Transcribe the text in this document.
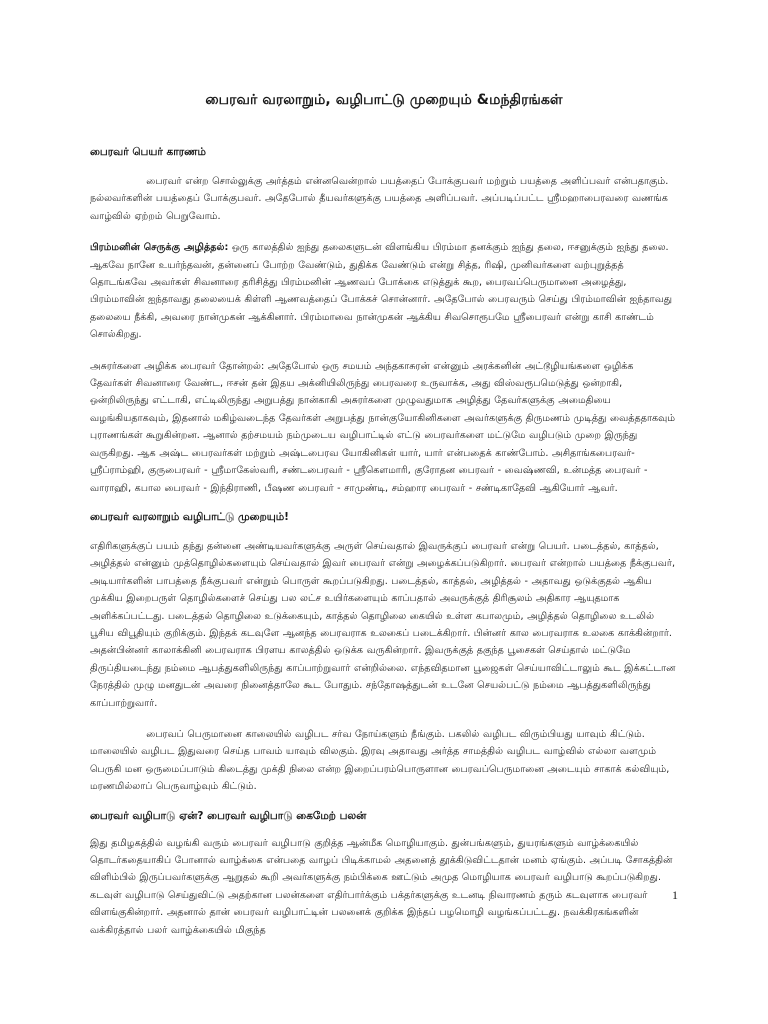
பைரவர் வரலாறும், வழிபாட்டு முறையும் &மந்திரங்கள்
பைரவர் பெயர் காரணம்

பைரவர் என்ற சொல்லுக்கு அர்த்தம் என்னவென்றால் பயத்தைப் போக்குபவர் மற்றும் பயத்தை அளிப்பவர் என்பதாகும். நல்லவர்களின் பயத்தைப் போக்குபவர். அதேபோல் தீயவர்களுக்கு பயத்தை அளிப்பவர். அப்படிப்பட்ட ஸ்ரீமஹாபைரவரை வணங்க வாழ்வில் ஏற்றம் பெறுவோம்.

பிரம்மனின் செருக்கு அழித்தல்: ஒரு காலத்தில் ஐந்து தலைகளுடன் விளங்கிய பிரம்மா தனக்கும் ஐந்து தலை, ஈசனுக்கும் ஐந்து தலை. ஆகவே நானே உயர்ந்தவன், தன்னைப் போற்ற வேண்டும், துதிக்க வேண்டும் என்று சித்த, ரிஷி, முனிவர்களை வற்புறுத்தத் தொடங்கவே அவர்கள் சிவனாரை தரிசித்து பிரம்மனின் ஆணவப் போக்கை எடுத்துக் கூற, பைரவப்பெருமானை அழைத்து, பிரம்மாவின் ஐந்தாவது தலையைக் கிள்ளி ஆணவத்தைப் போக்கச் சொன்னார். அதேபோல் பைரவரும் செய்து பிரம்மாவின் ஐந்தாவது தலையை நீக்கி, அவரை நான்முகன் ஆக்கினார். பிரம்மாவை நான்முகன் ஆக்கிய சிவசொரூபமே ஸ்ரீபைரவர் என்று காசி காண்டம் சொல்கிறது.

அசுரர்களை அழிக்க பைரவர் தோன்றல்: அதேபோல் ஒரு சமயம் அந்தகாசுரன் என்னும் அரக்கனின் அட்டூழியங்களை ஒழிக்க தேவர்கள் சிவனாரை வேண்ட, ஈசன் தன் இதய அக்னியிலிருந்து பைரவரை உருவாக்க, அது விஸ்வரூபமெடுத்து ஒன்றாகி, ஒன்றிலிருந்து எட்டாகி, எட்டிலிருந்து அறுபத்து நான்காகி அசுரர்களை முழுவதுமாக அழித்து தேவர்களுக்கு அமைதியை வழங்கியதாகவும், இதனால் மகிழ்வடைந்த தேவர்கள் அறுபத்து நான்குயோகினிகளை அவர்களுக்கு திருமணம் முடித்து வைத்ததாகவும் புராணங்கள் கூறுகின்றன. ஆனால் தற்சமயம் நம்முடைய வழிபாட்டில் எட்டு பைரவர்களை மட்டுமே வழிபடும் முறை இருந்து வருகிறது. ஆக அஷ்ட பைரவர்கள் மற்றும் அஷ்டபைரவ யோகினிகள் யார், யார் என்பதைக் காண்போம். அசிதாங்கபைரவர்-ஸ்ரீப்ராம்ஹி, குருபைரவர் - ஸ்ரீமாகேஸ்வரி, சண்டபைரவர் - ஸ்ரீகௌமாரி, குரோதன பைரவர் - வைஷ்ணவி, உன்மத்த பைரவர் - வாராஹி, கபால பைரவர் - இந்திராணி, பீஷண பைரவர் - சாமுண்டி, சம்ஹார பைரவர் - சண்டிகாதேவி ஆகியோர் ஆவர்.

பைரவர் வரலாறும் வழிபாட்டு முறையும்!

எதிரிகளுக்குப் பயம் தந்து தன்னை அண்டியவர்களுக்கு அருள் செய்வதால் இவருக்குப் பைரவர் என்று பெயர். படைத்தல், காத்தல், அழித்தல் என்னும் முத்தொழில்களையும் செய்வதால் இவர் பைரவர் என்று அழைக்கப்படுகிறார். பைரவர் என்றால் பயத்தை நீக்குபவர், அடியார்களின் பாபத்தை நீக்குபவர் என்றும் பொருள் கூறப்படுகிறது. படைத்தல், காத்தல், அழித்தல் - அதாவது ஒடுக்குதல் ஆகிய முக்கிய இறைபருள் தொழில்களைச் செய்து பல லட்ச உயிர்களையும் காப்பதால் அவருக்குத் திரிசூலம் அதிகார ஆயுதமாக அளிக்கப்பட்டது. படைத்தல் தொழிலை உடுக்கையும், காத்தல் தொழிலை கையில் உள்ள கபாலமும், அழித்தல் தொழிலை உடலில் பூசிய விபூதியும் குறிக்கும். இந்தக் கடவுளே ஆனந்த பைரவராக உலகைப் படைக்கிறார். பின்னர் கால பைரவராக உலகை காக்கின்றார். அதன்பின்னர் காலாக்கினி பைரவராக பிரளய காலத்தில் ஒடுக்க வருகின்றார். இவருக்குத் தகுந்த பூசைகள் செய்தால் மட்டுமே திருப்தியடைந்து நம்மை ஆபத்துகளிலிருந்து காப்பாற்றுவார் என்றில்லை. எந்தவிதமான பூஜைகள் செய்யாவிட்டாலும் கூட இக்கட்டான நேரத்தில் முழு மனதுடன் அவரை நினைத்தாலே கூட போதும். சந்தோஷத்துடன் உடனே செயல்பட்டு நம்மை ஆபத்துகளிலிருந்து காப்பாற்றுவார்.

பைரவப் பெருமானை காலையில் வழிபட சர்வ நோய்களும் நீங்கும். பகலில் வழிபட விரும்பியது யாவும் கிட்டும். மாலையில் வழிபட இதுவரை செய்த பாவம் யாவும் விலகும். இரவு அதாவது அர்த்த சாமத்தில் வழிபட வாழ்வில் எல்லா வளமும் பெருகி மன ஒருமைப்பாடும் கிடைத்து முக்தி நிலை என்ற இறைப்பரம்பொருளான பைரவப்பெருமானை அடையும் சாகாக் கல்வியும், மரணமில்லாப் பெருவாழ்வும் கிட்டும்.

பைரவர் வழிபாடு ஏன்? பைரவர் வழிபாடு கைமேற் பலன்

இது தமிழகத்தில் வழங்கி வரும் பைரவர் வழிபாடு குறித்த ஆன்மீக மொழியாகும். துன்பங்களும், துயரங்களும் வாழ்க்கையில் தொடர்கதையாகிப் போனால் வாழ்க்கை என்பதை வாழப் பிடிக்காமல் அதனைத் தூக்கிடுவிட்டதான் மனம் ஏங்கும். அப்படி சோகத்தின் விளிம்பில் இருப்பவர்களுக்கு ஆறுதல் கூறி அவர்களுக்கு நம்பிக்கை ஊட்டும் அமுத மொழியாக பைரவர் வழிபாடு கூறப்படுகிறது. கடவுள் வழிபாடு செய்துவிட்டு அதற்கான பலன்களை எதிர்பார்க்கும் பக்தர்களுக்கு உடனடி நிவாரணம் தரும் கடவுளாக பைரவர் விளங்குகின்றார். அதனால் தான் பைரவர் வழிபாட்டின் பலனைக் குறிக்க இந்தப் பழமொழி வழங்கப்பட்டது. நவக்கிரகங்களின் வக்கிரத்தால் பலர் வாழ்க்கையில் மிகுந்த

1
